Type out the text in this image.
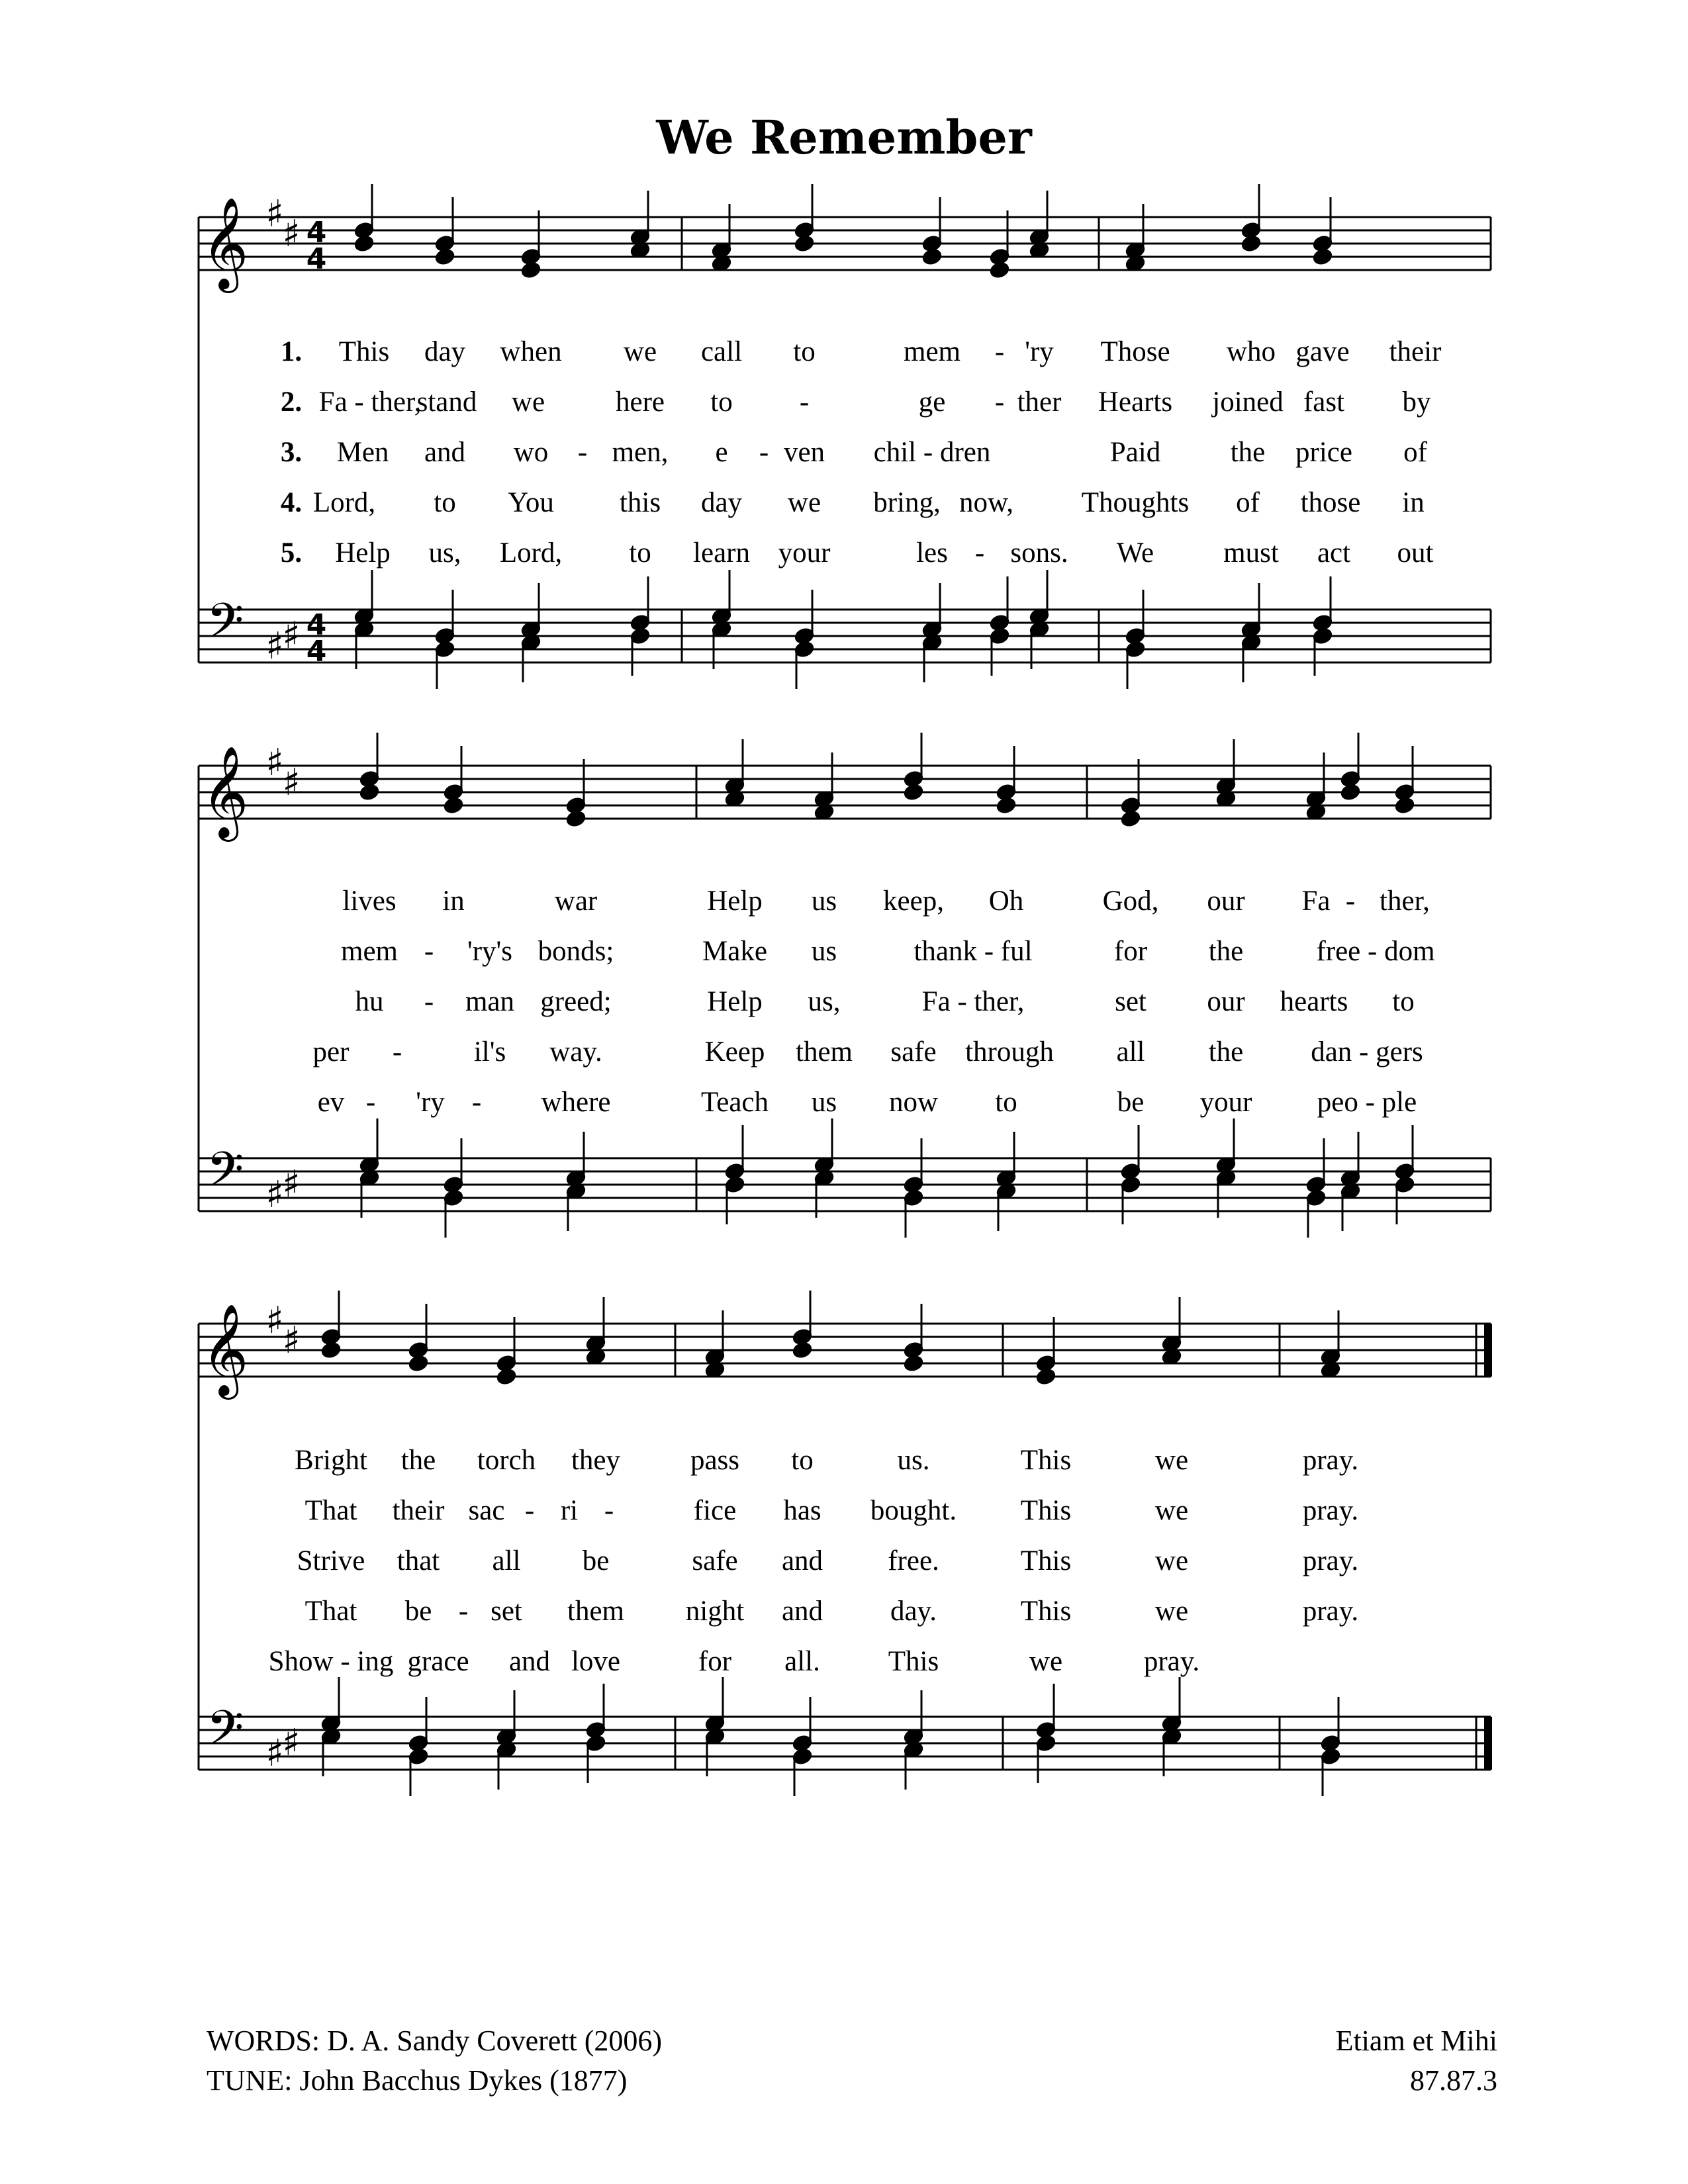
We Remember
𝄞 ♯
♯ 4
4
𝄢 ♯
♯ 4
4
𝄞 ♯
♯
𝄢 ♯
♯
𝄞 ♯
♯
𝄢 ♯
♯
1. This day when we call to	mem - 'ry Those who gave their
2. Fa - ther,
stand we here to -	ge - ther Hearts joined fast by
3. Men and wo - men, e - ven chil - dren	Paid the price of
4. Lord, to You this day we bring, now, Thoughts of those in
5. Help us, Lord, to learn your	les - sons. We must act out
lives in	war	Help us keep, Oh	God, our Fa - ther,
mem - 'ry's bonds;	Make us	thank - ful	for the	free - dom
hu - man greed;	Help us,	Fa - ther,	set our hearts to
per -	il's way.	Keep them safe through all the dan - gers
ev - 'ry - where	Teach us now to	be your peo - ple
Bright the torch they pass to	us.	This	we	pray.
That their sac - ri -	fice has bought. This	we	pray.
Strive that all be	safe and free.	This	we	pray.
That be - set them night and day.	This	we	pray.
Show - ing grace and love	for all. This	we	pray.
WORDS: D. A. Sandy Coverett (2006)
TUNE: John Bacchus Dykes (1877)
Etiam et Mihi
87.87.3
